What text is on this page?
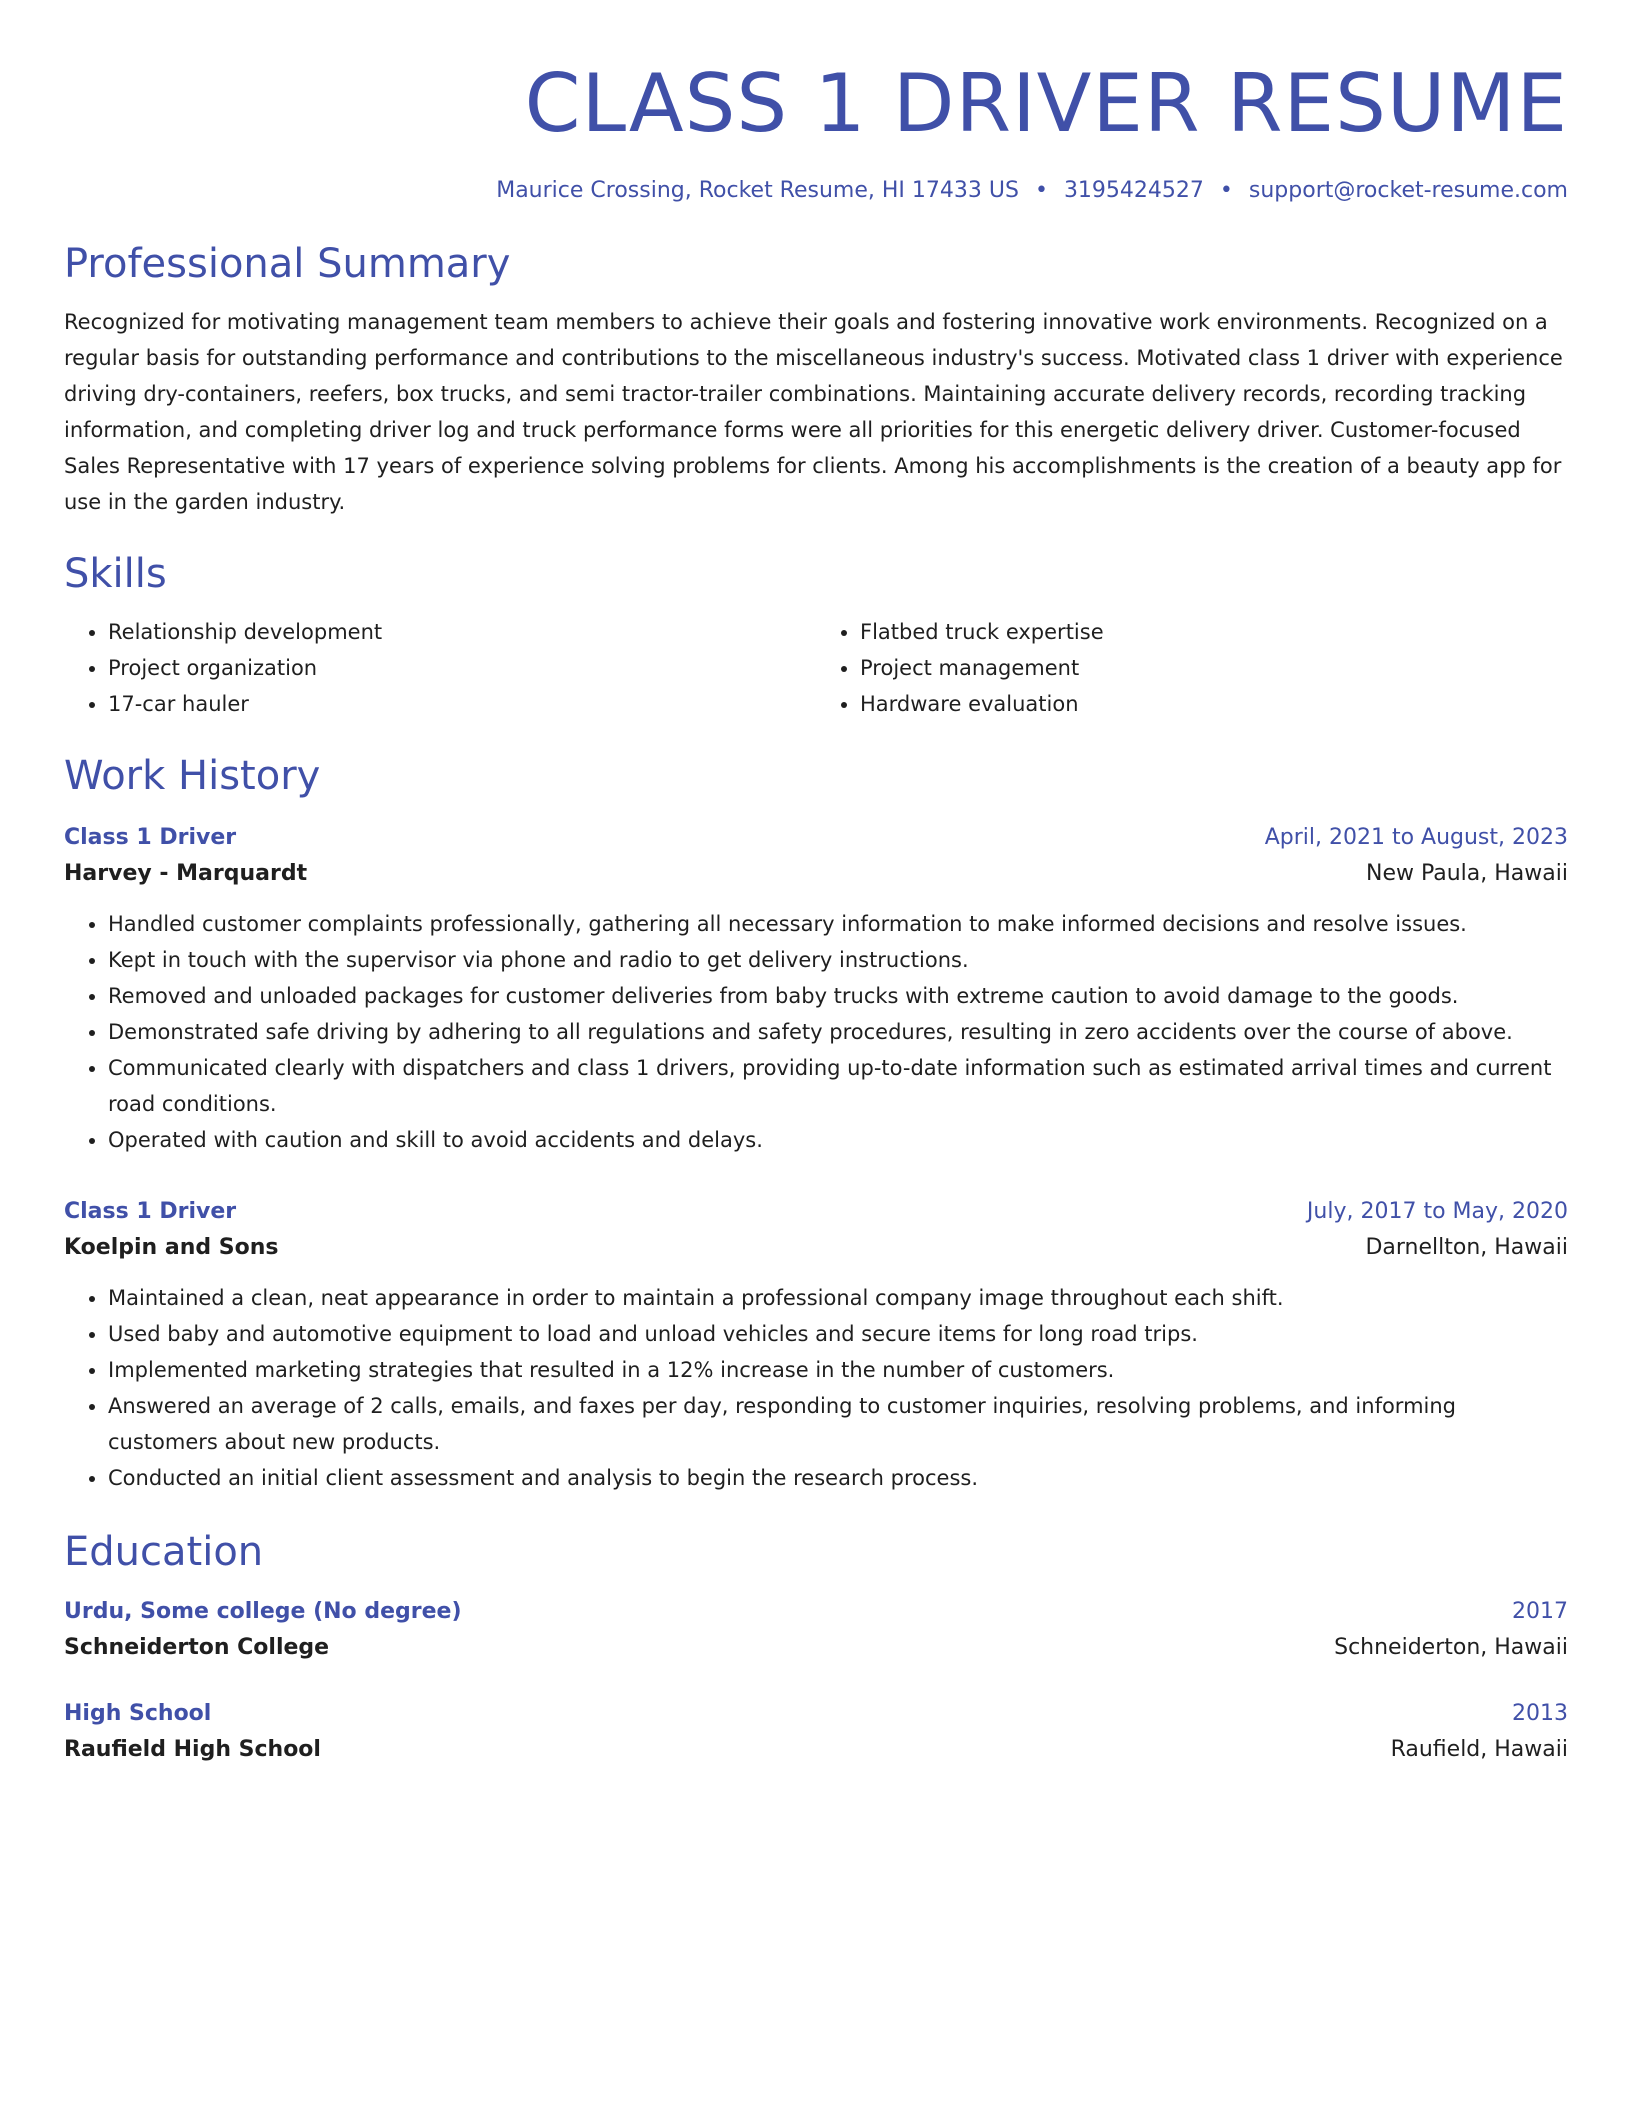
CLASS 1 DRIVER RESUME
Maurice Crossing, Rocket Resume, HI 17433 US • 3195424527 • support@rocket-resume.com
Professional Summary
Recognized for motivating management team members to achieve their goals and fostering innovative work environments. Recognized on a regular basis for outstanding performance and contributions to the miscellaneous industry's success. Motivated class 1 driver with experience driving dry-containers, reefers, box trucks, and semi tractor-trailer combinations. Maintaining accurate delivery records, recording tracking information, and completing driver log and truck performance forms were all priorities for this energetic delivery driver. Customer-focused Sales Representative with 17 years of experience solving problems for clients. Among his accomplishments is the creation of a beauty app for use in the garden industry.
Skills
• Relationship development
• Project organization
• 17-car hauler
• Flatbed truck expertise
• Project management
• Hardware evaluation
Work History
Class 1 Driver	April, 2021 to August, 2023
Harvey - Marquardt	New Paula, Hawaii
• Handled customer complaints professionally, gathering all necessary information to make informed decisions and resolve issues.
• Kept in touch with the supervisor via phone and radio to get delivery instructions.
• Removed and unloaded packages for customer deliveries from baby trucks with extreme caution to avoid damage to the goods.
• Demonstrated safe driving by adhering to all regulations and safety procedures, resulting in zero accidents over the course of above.
• Communicated clearly with dispatchers and class 1 drivers, providing up-to-date information such as estimated arrival times and current road conditions.
• Operated with caution and skill to avoid accidents and delays.
Class 1 Driver	July, 2017 to May, 2020
Koelpin and Sons	Darnellton, Hawaii
• Maintained a clean, neat appearance in order to maintain a professional company image throughout each shift.
• Used baby and automotive equipment to load and unload vehicles and secure items for long road trips.
• Implemented marketing strategies that resulted in a 12% increase in the number of customers.
• Answered an average of 2 calls, emails, and faxes per day, responding to customer inquiries, resolving problems, and informing customers about new products.
• Conducted an initial client assessment and analysis to begin the research process.
Education
Urdu, Some college (No degree)	2017
Schneiderton College	Schneiderton, Hawaii
High School	2013
Raufield High School	Raufield, Hawaii
